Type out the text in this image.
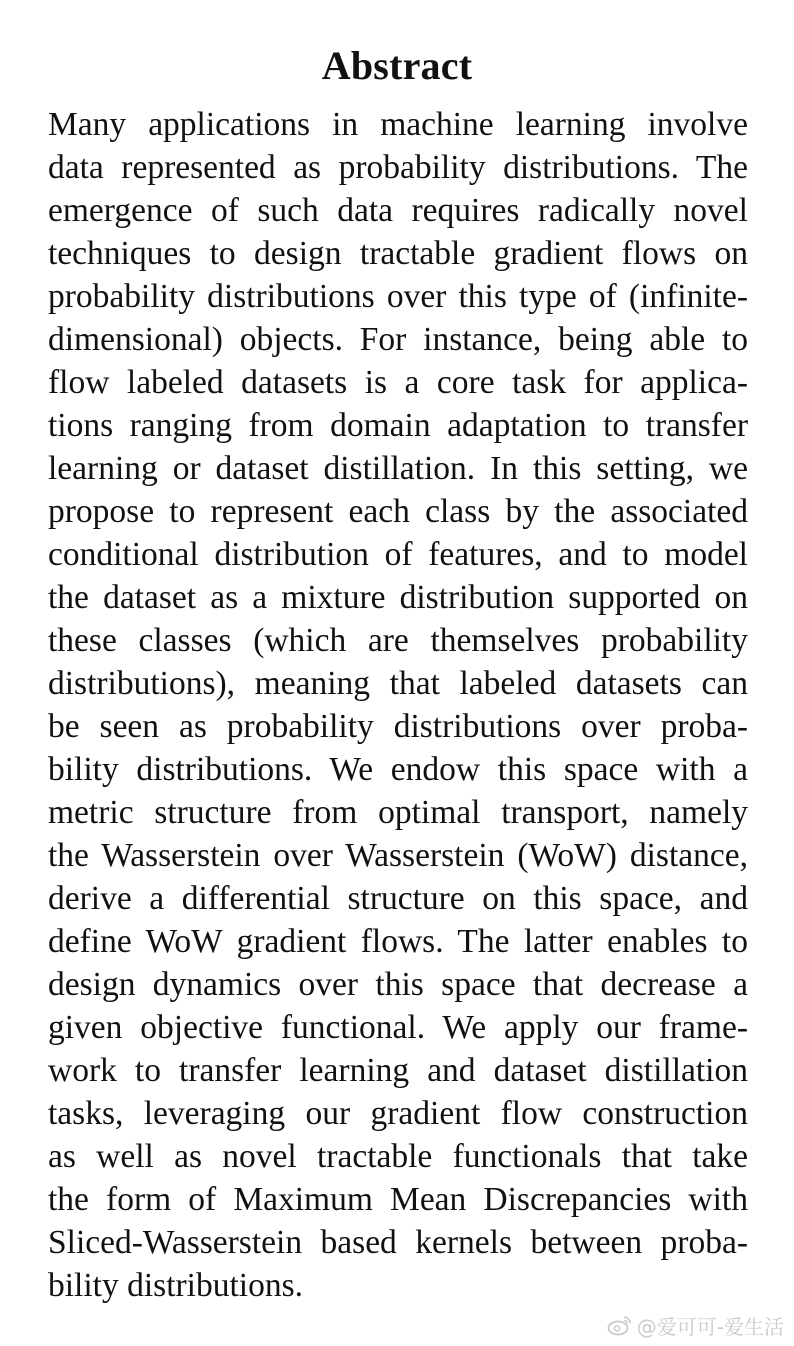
Abstract
Many applications in machine learning involve
data represented as probability distributions. The
emergence of such data requires radically novel
techniques to design tractable gradient flows on
probability distributions over this type of (infinite-
dimensional) objects. For instance, being able to
flow labeled datasets is a core task for applica-
tions ranging from domain adaptation to transfer
learning or dataset distillation. In this setting, we
propose to represent each class by the associated
conditional distribution of features, and to model
the dataset as a mixture distribution supported on
these classes (which are themselves probability
distributions), meaning that labeled datasets can
be seen as probability distributions over proba-
bility distributions. We endow this space with a
metric structure from optimal transport, namely
the Wasserstein over Wasserstein (WoW) distance,
derive a differential structure on this space, and
define WoW gradient flows. The latter enables to
design dynamics over this space that decrease a
given objective functional. We apply our frame-
work to transfer learning and dataset distillation
tasks, leveraging our gradient flow construction
as well as novel tractable functionals that take
the form of Maximum Mean Discrepancies with
Sliced-Wasserstein based kernels between proba-
bility distributions.
@爱可可-爱生活
